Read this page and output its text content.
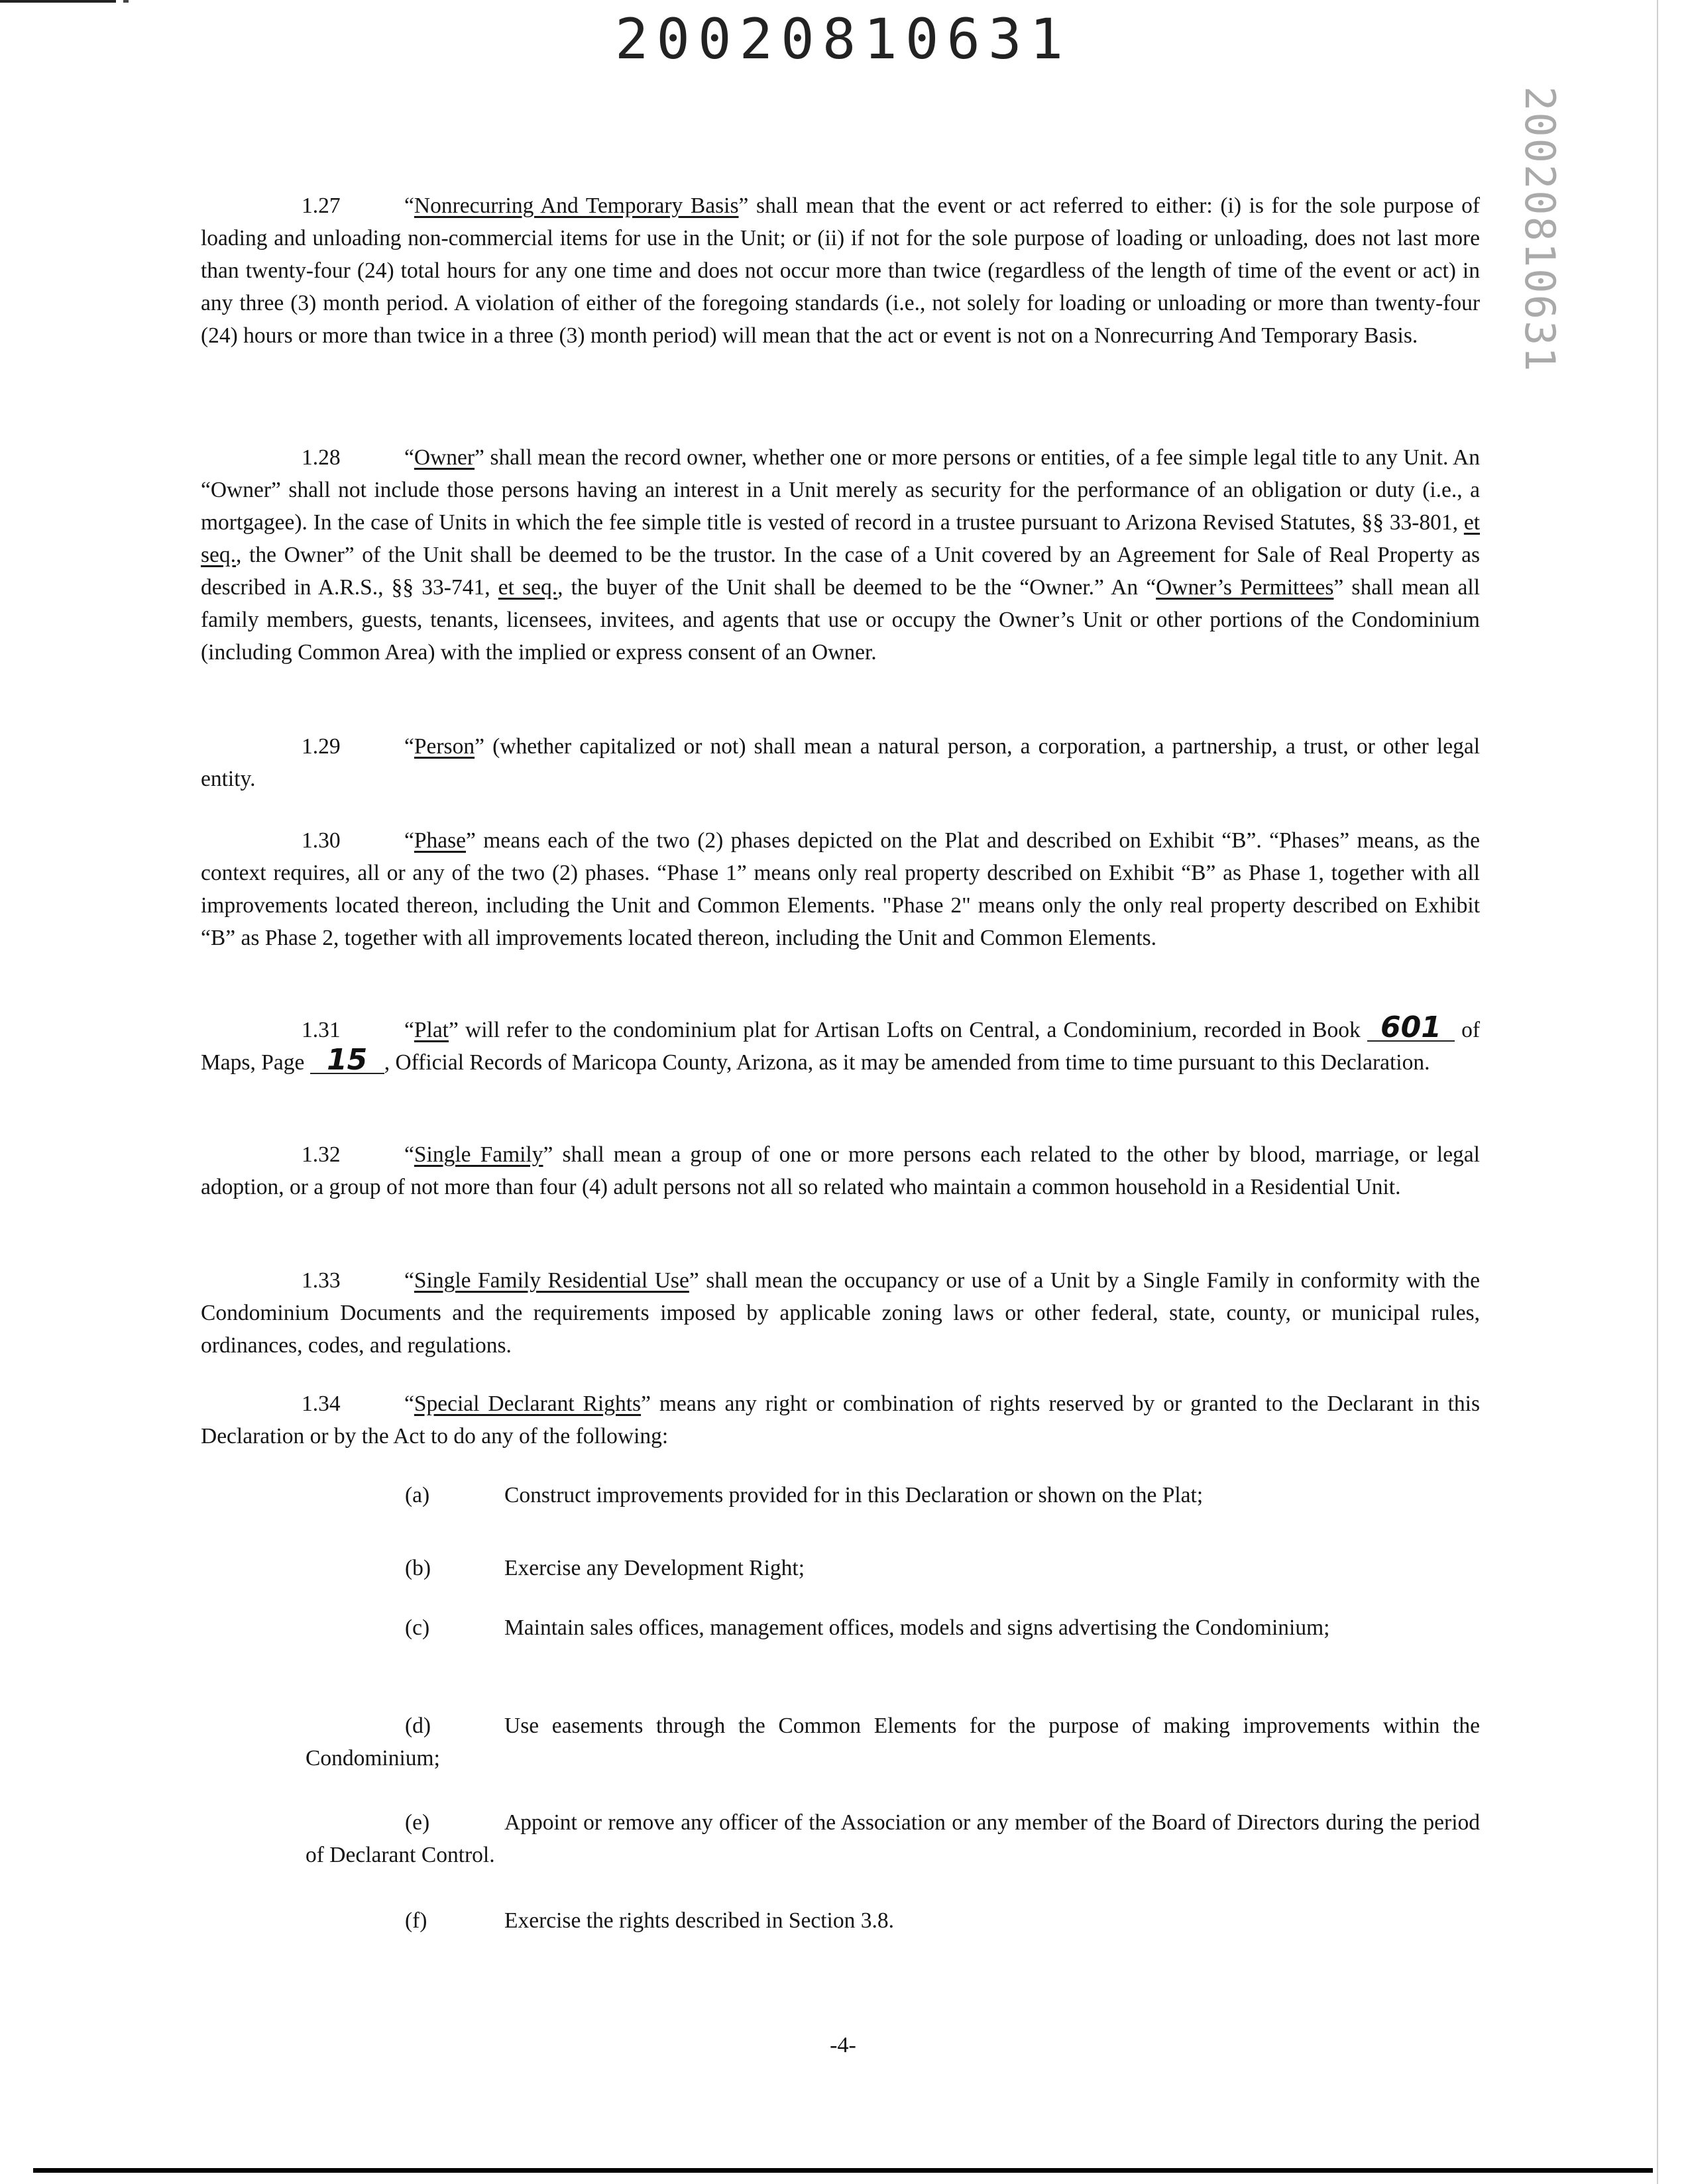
20020810631
20020810631
1.27	“Nonrecurring And Temporary Basis” shall mean that the event or act referred to either: (i) is for the sole purpose of loading and unloading non-commercial items for use in the Unit; or (ii) if not for the sole purpose of loading or unloading, does not last more than twenty-four (24) total hours for any one time and does not occur more than twice (regardless of the length of time of the event or act) in any three (3) month period. A violation of either of the foregoing standards (i.e., not solely for loading or unloading or more than twenty-four (24) hours or more than twice in a three (3) month period) will mean that the act or event is not on a Nonrecurring And Temporary Basis.
1.28	“Owner” shall mean the record owner, whether one or more persons or entities, of a fee simple legal title to any Unit. An “Owner” shall not include those persons having an interest in a Unit merely as security for the performance of an obligation or duty (i.e., a mortgagee). In the case of Units in which the fee simple title is vested of record in a trustee pursuant to Arizona Revised Statutes, §§ 33-801, et seq., the Owner” of the Unit shall be deemed to be the trustor. In the case of a Unit covered by an Agreement for Sale of Real Property as described in A.R.S., §§ 33-741, et seq., the buyer of the Unit shall be deemed to be the “Owner.” An “Owner’s Permittees” shall mean all family members, guests, tenants, licensees, invitees, and agents that use or occupy the Owner’s Unit or other portions of the Condominium (including Common Area) with the implied or express consent of an Owner.
1.29	“Person” (whether capitalized or not) shall mean a natural person, a corporation, a partnership, a trust, or other legal entity.
1.30	“Phase” means each of the two (2) phases depicted on the Plat and described on Exhibit “B”. “Phases” means, as the context requires, all or any of the two (2) phases. “Phase 1” means only real property described on Exhibit “B” as Phase 1, together with all improvements located thereon, including the Unit and Common Elements. "Phase 2" means only the only real property described on Exhibit “B” as Phase 2, together with all improvements located thereon, including the Unit and Common Elements.
1.31	“Plat” will refer to the condominium plat for Artisan Lofts on Central, a Condominium, recorded in Book 601 of Maps, Page 15 , Official Records of Maricopa County, Arizona, as it may be amended from time to time pursuant to this Declaration.
1.32	“Single Family” shall mean a group of one or more persons each related to the other by blood, marriage, or legal adoption, or a group of not more than four (4) adult persons not all so related who maintain a common household in a Residential Unit.
1.33	“Single Family Residential Use” shall mean the occupancy or use of a Unit by a Single Family in conformity with the Condominium Documents and the requirements imposed by applicable zoning laws or other federal, state, county, or municipal rules, ordinances, codes, and regulations.
1.34	“Special Declarant Rights” means any right or combination of rights reserved by or granted to the Declarant in this Declaration or by the Act to do any of the following:
(a)	Construct improvements provided for in this Declaration or shown on the Plat;
(b)	Exercise any Development Right;
(c)	Maintain sales offices, management offices, models and signs advertising the Condominium;
(d)	Use easements through the Common Elements for the purpose of making improvements within the Condominium;
(e)	Appoint or remove any officer of the Association or any member of the Board of Directors during the period of Declarant Control.
(f)	Exercise the rights described in Section 3.8.
-4-
